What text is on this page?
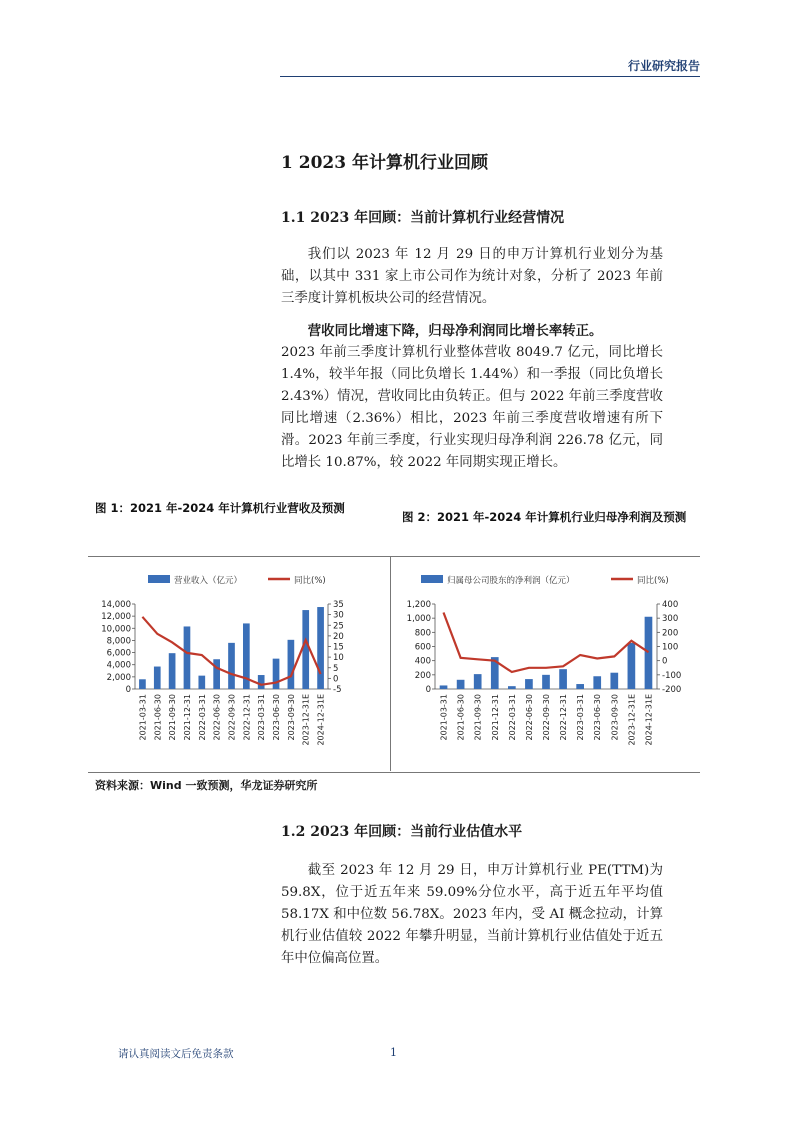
行业研究报告
1 2023 年计算机行业回顾
1.1 2023 年回顾：当前计算机行业经营情况
我们以 2023 年 12 月 29 日的申万计算机行业划分为基础，以其中 331 家上市公司作为统计对象，分析了 2023 年前三季度计算机板块公司的经营情况。
营收同比增速下降，归母净利润同比增长率转正。
2023 年前三季度计算机行业整体营收 8049.7 亿元，同比增长 1.4%，较半年报（同比负增长 1.44%）和一季报（同比负增长 2.43%）情况，营收同比由负转正。但与 2022 年前三季度营收同比增速（2.36%）相比，2023 年前三季度营收增速有所下滑。2023 年前三季度，行业实现归母净利润 226.78 亿元，同比增长 10.87%，较 2022 年同期实现正增长。
图 1：2021 年-2024 年计算机行业营收及预测
图 2：2021 年-2024 年计算机行业归母净利润及预测
营业收入（亿元）	同比(%)
0
2,000
4,000
6,000
8,000
10,000
12,000
14,000
-5
0
5
10
15
20
25
30
35
2021-03-31 2021-06-30 2021-09-30 2021-12-31 2022-03-31 2022-06-30 2022-09-30 2022-12-31 2023-03-31 2023-06-30 2023-09-30 2023-12-31E 2024-12-31E
归属母公司股东的净利润（亿元）	同比(%)
0
200
400
600
800
1,000
1,200
-200
-100
0
100
200
300
400
2021-03-31 2021-06-30 2021-09-30 2021-12-31 2022-03-31 2022-06-30 2022-09-30 2022-12-31 2023-03-31 2023-06-30 2023-09-30 2023-12-31E 2024-12-31E
资料来源：Wind 一致预测，华龙证券研究所
1.2 2023 年回顾：当前行业估值水平
截至 2023 年 12 月 29 日，申万计算机行业 PE(TTM)为 59.8X，位于近五年来 59.09%分位水平，高于近五年平均值 58.17X 和中位数 56.78X。2023 年内，受 AI 概念拉动，计算机行业估值较 2022 年攀升明显，当前计算机行业估值处于近五年中位偏高位置。
请认真阅读文后免责条款	1
